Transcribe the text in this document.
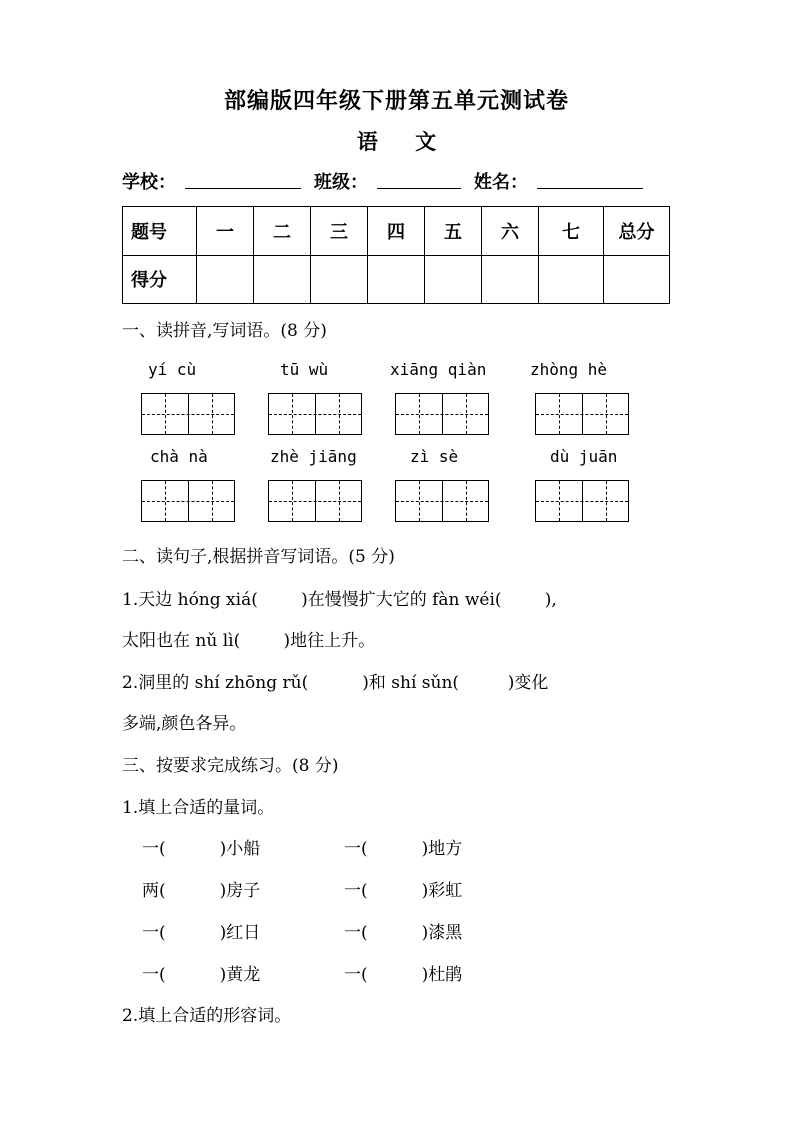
部编版四年级下册第五单元测试卷
语 文
学校：	班级：	姓名：
题号	一	二	三	四	五	六	七	总分
得分								
一、读拼音,写词语。(8 分)
yí cù	tū wù	xiāng qiàn	zhòng hè
chà nà	zhè jiāng	zì sè	dù juān
二、读句子,根据拼音写词语。(5 分)
1.天边 hóng xiá(        )在慢慢扩大它的 fàn wéi(        ),
太阳也在 nǔ lì(        )地往上升。
2.洞里的 shí zhōng rǔ(          )和 shí sǔn(         )变化
多端,颜色各异。
三、按要求完成练习。(8 分)
1.填上合适的量词。
一(          )小船	一(          )地方
两(          )房子	一(          )彩虹
一(          )红日	一(          )漆黑
一(          )黄龙	一(          )杜鹃
2.填上合适的形容词。
